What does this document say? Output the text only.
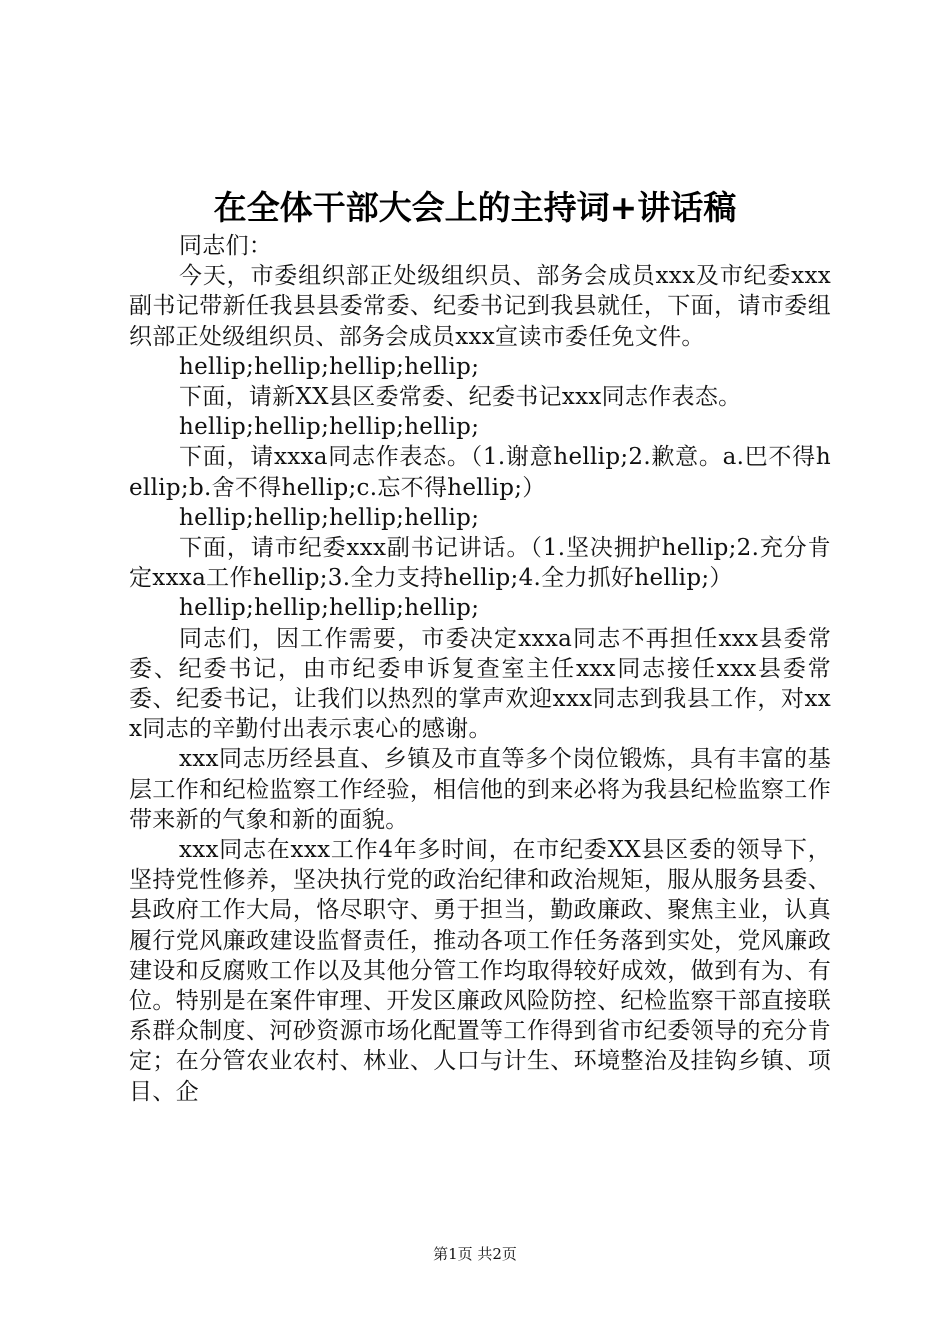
在全体干部大会上的主持词+讲话稿

同志们：

今天，市委组织部正处级组织员、部务会成员xxx及市纪委xxx副书记带新任我县县委常委、纪委书记到我县就任，下面，请市委组织部正处级组织员、部务会成员xxx宣读市委任免文件。

hellip;hellip;hellip;hellip;

下面，请新XX县区委常委、纪委书记xxx同志作表态。

hellip;hellip;hellip;hellip;

下面，请xxxa同志作表态。（1.谢意hellip;2.歉意。a.巴不得hellip;b.舍不得hellip;c.忘不得hellip;）

hellip;hellip;hellip;hellip;

下面，请市纪委xxx副书记讲话。（1.坚决拥护hellip;2.充分肯定xxxa工作hellip;3.全力支持hellip;4.全力抓好hellip;）

hellip;hellip;hellip;hellip;

同志们，因工作需要，市委决定xxxa同志不再担任xxx县委常委、纪委书记，由市纪委申诉复查室主任xxx同志接任xxx县委常委、纪委书记，让我们以热烈的掌声欢迎xxx同志到我县工作，对xxx同志的辛勤付出表示衷心的感谢。

xxx同志历经县直、乡镇及市直等多个岗位锻炼，具有丰富的基层工作和纪检监察工作经验，相信他的到来必将为我县纪检监察工作带来新的气象和新的面貌。

xxx同志在xxx工作4年多时间，在市纪委XX县区委的领导下，坚持党性修养，坚决执行党的政治纪律和政治规矩，服从服务县委、县政府工作大局，恪尽职守、勇于担当，勤政廉政、聚焦主业，认真履行党风廉政建设监督责任，推动各项工作任务落到实处，党风廉政建设和反腐败工作以及其他分管工作均取得较好成效，做到有为、有位。特别是在案件审理、开发区廉政风险防控、纪检监察干部直接联系群众制度、河砂资源市场化配置等工作得到省市纪委领导的充分肯定；在分管农业农村、林业、人口与计生、环境整治及挂钩乡镇、项目、企

第1页 共2页
